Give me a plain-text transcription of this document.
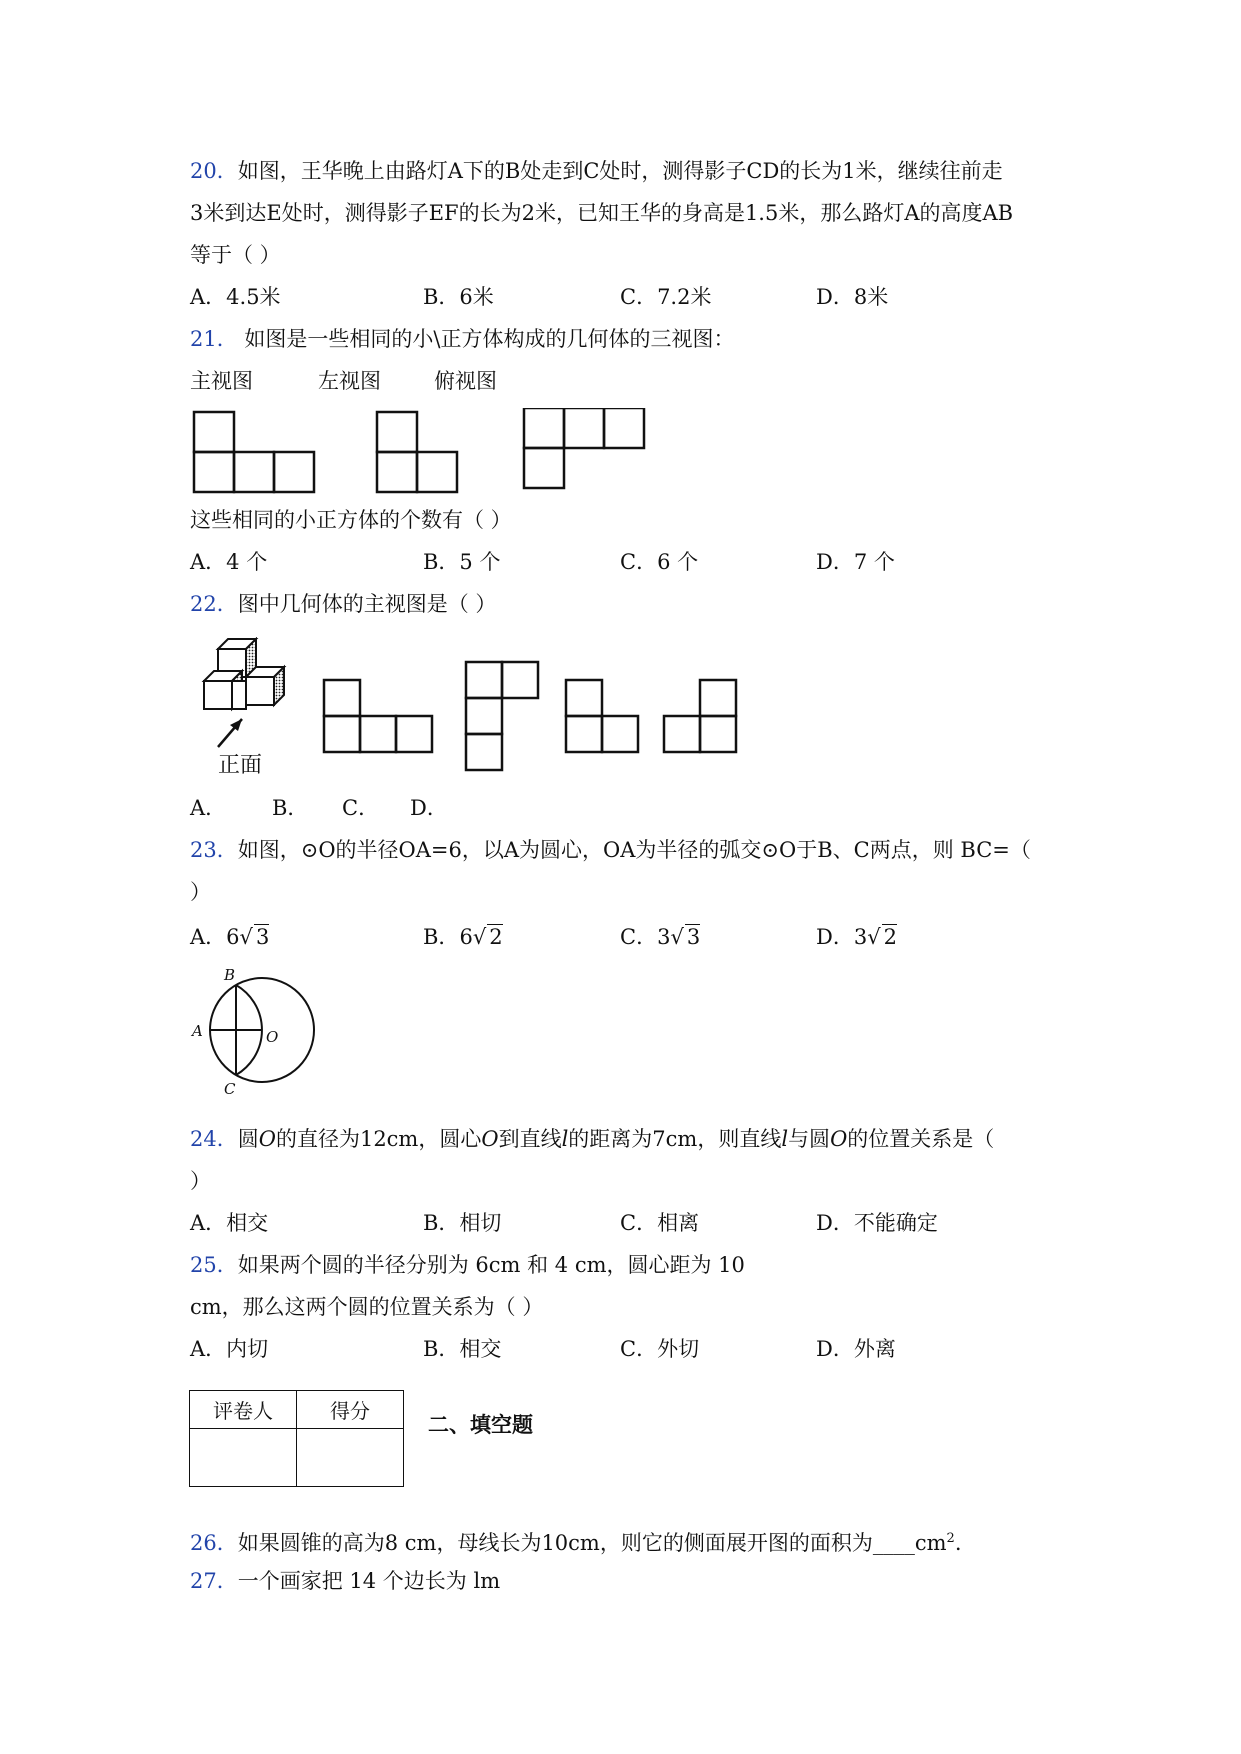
20．如图，王华晚上由路灯A下的B处走到C处时，测得影子CD的长为1米，继续往前走
3米到达E处时，测得影子EF的长为2米，已知王华的身高是1.5米，那么路灯A的高度AB
等于（ ）
A．4.5米	B．6米	C．7.2米	D．8米
21． 如图是一些相同的小\正方体构成的几何体的三视图：
主视图	左视图	俯视图
这些相同的小正方体的个数有（ ）
A．4 个	B．5 个	C．6 个	D．7 个
22．图中几何体的主视图是（ ）
正面
A． B． C． D．
23．如图，⊙O的半径OA=6，以A为圆心，OA为半径的弧交⊙O于B、C两点，则 BC=（
）
A．6√ 3	B．6√ 2	C．3√ 3	D．3√ 2
B
A	O
C
24．圆O的直径为12cm，圆心O到直线l的距离为7cm，则直线l与圆O的位置关系是（
）
A．相交	B．相切	C．相离	D．不能确定
25．如果两个圆的半径分别为 6cm 和 4 cm，圆心距为 10
cm，那么这两个圆的位置关系为（ ）
A．内切	B．相交	C．外切	D．外离
评卷人	得分

二、填空题
26．如果圆锥的高为8 cm，母线长为10cm，则它的侧面展开图的面积为$\_\_\_\_cm^2$.
27．一个画家把 14 个边长为 lm
